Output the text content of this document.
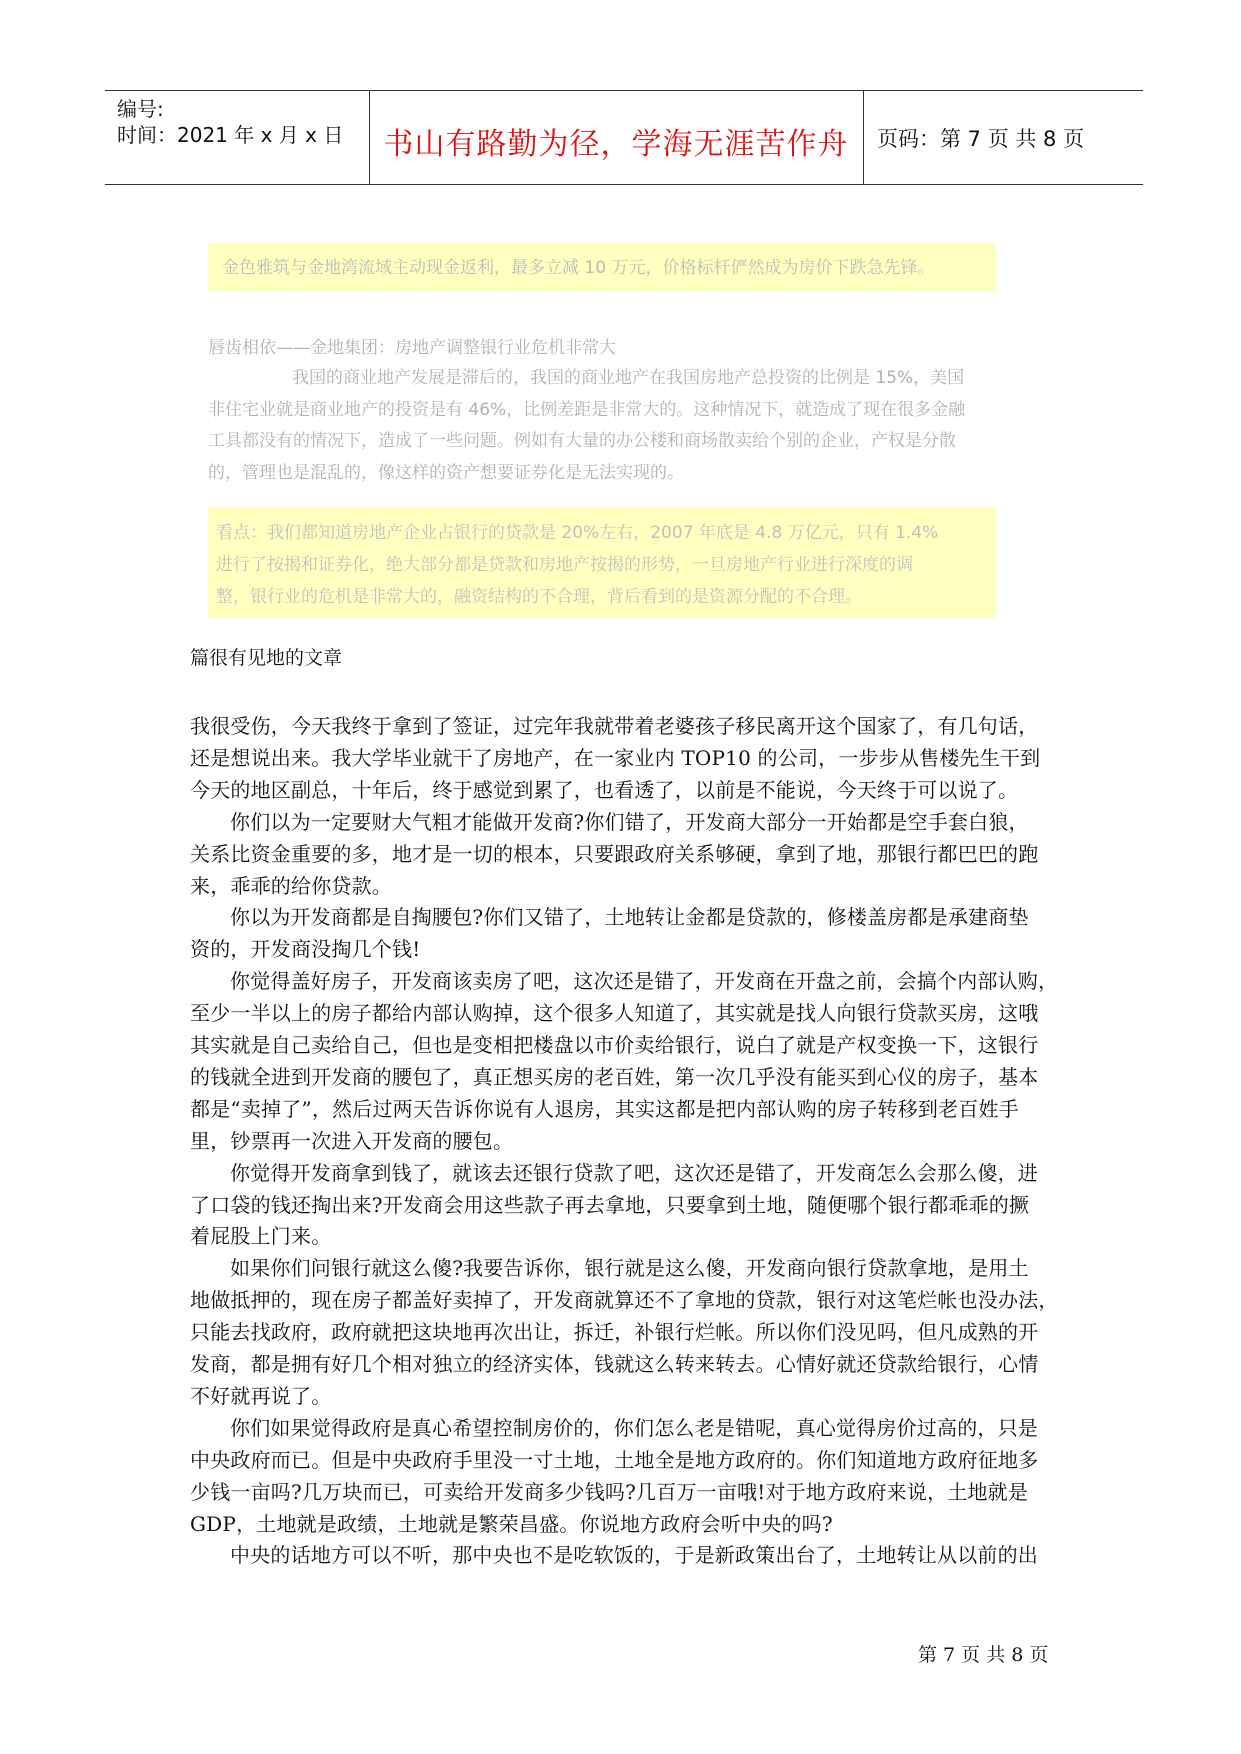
编号:
时间：2021 年 x 月 x 日	书山有路勤为径，学海无涯苦作舟	页码：第 7 页 共 8 页

金色雅筑与金地湾流域主动现金返利，最多立减 10 万元，价格标杆俨然成为房价下跌急先锋。

唇齿相依——金地集团：房地产调整银行业危机非常大
我国的商业地产发展是滞后的，我国的商业地产在我国房地产总投资的比例是 15%，美国
非住宅业就是商业地产的投资是有 46%，比例差距是非常大的。这种情况下，就造成了现在很多金融
工具都没有的情况下，造成了一些问题。例如有大量的办公楼和商场散卖给个别的企业，产权是分散
的，管理也是混乱的，像这样的资产想要证券化是无法实现的。

看点：我们都知道房地产企业占银行的贷款是 20%左右，2007 年底是 4.8 万亿元，只有 1.4%

进行了按揭和证券化，绝大部分都是贷款和房地产按揭的形势，一旦房地产行业进行深度的调

整，银行业的危机是非常大的，融资结构的不合理，背后看到的是资源分配的不合理。

篇很有见地的文章
我很受伤，今天我终于拿到了签证，过完年我就带着老婆孩子移民离开这个国家了，有几句话，
还是想说出来。我大学毕业就干了房地产，在一家业内 TOP10 的公司，一步步从售楼先生干到
今天的地区副总，十年后，终于感觉到累了，也看透了，以前是不能说，今天终于可以说了。
你们以为一定要财大气粗才能做开发商?你们错了，开发商大部分一开始都是空手套白狼，
关系比资金重要的多，地才是一切的根本，只要跟政府关系够硬，拿到了地，那银行都巴巴的跑
来，乖乖的给你贷款。
你以为开发商都是自掏腰包?你们又错了，土地转让金都是贷款的，修楼盖房都是承建商垫
资的，开发商没掏几个钱!
你觉得盖好房子，开发商该卖房了吧，这次还是错了，开发商在开盘之前，会搞个内部认购，
至少一半以上的房子都给内部认购掉，这个很多人知道了，其实就是找人向银行贷款买房，这哦
其实就是自己卖给自己，但也是变相把楼盘以市价卖给银行，说白了就是产权变换一下，这银行
的钱就全进到开发商的腰包了，真正想买房的老百姓，第一次几乎没有能买到心仪的房子，基本
都是“卖掉了”，然后过两天告诉你说有人退房，其实这都是把内部认购的房子转移到老百姓手
里，钞票再一次进入开发商的腰包。
你觉得开发商拿到钱了，就该去还银行贷款了吧，这次还是错了，开发商怎么会那么傻，进
了口袋的钱还掏出来?开发商会用这些款子再去拿地，只要拿到土地，随便哪个银行都乖乖的撅
着屁股上门来。
如果你们问银行就这么傻?我要告诉你，银行就是这么傻，开发商向银行贷款拿地，是用土
地做抵押的，现在房子都盖好卖掉了，开发商就算还不了拿地的贷款，银行对这笔烂帐也没办法，
只能去找政府，政府就把这块地再次出让，拆迁，补银行烂帐。所以你们没见吗，但凡成熟的开
发商，都是拥有好几个相对独立的经济实体，钱就这么转来转去。心情好就还贷款给银行，心情
不好就再说了。
你们如果觉得政府是真心希望控制房价的，你们怎么老是错呢，真心觉得房价过高的，只是
中央政府而已。但是中央政府手里没一寸土地，土地全是地方政府的。你们知道地方政府征地多
少钱一亩吗?几万块而已，可卖给开发商多少钱吗?几百万一亩哦!对于地方政府来说，土地就是
GDP，土地就是政绩，土地就是繁荣昌盛。你说地方政府会听中央的吗?
中央的话地方可以不听，那中央也不是吃软饭的，于是新政策出台了，土地转让从以前的出
第 7 页 共 8 页
